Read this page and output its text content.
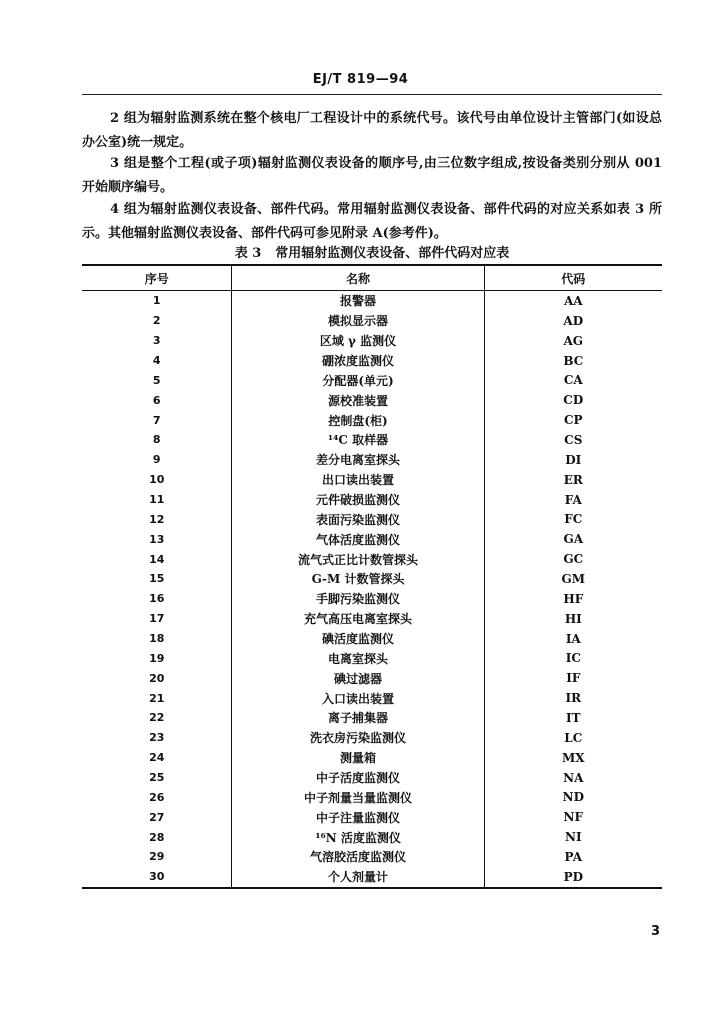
EJ/T 819—94

2 组为辐射监测系统在整个核电厂工程设计中的系统代号。该代号由单位设计主管部门(如设总办公室)统一规定。

3 组是整个工程(或子项)辐射监测仪表设备的顺序号,由三位数字组成,按设备类别分别从 001 开始顺序编号。

4 组为辐射监测仪表设备、部件代码。常用辐射监测仪表设备、部件代码的对应关系如表 3 所示。其他辐射监测仪表设备、部件代码可参见附录 A(参考件)。

表 3 常用辐射监测仪表设备、部件代码对应表
序号	名称	代码
1	报警器	AA
2	模拟显示器	AD
3	区域 γ 监测仪	AG
4	硼浓度监测仪	BC
5	分配器(单元)	CA
6	源校准装置	CD
7	控制盘(柜)	CP
8	¹⁴C 取样器	CS
9	差分电离室探头	DI
10	出口读出装置	ER
11	元件破损监测仪	FA
12	表面污染监测仪	FC
13	气体活度监测仪	GA
14	流气式正比计数管探头	GC
15	G-M 计数管探头	GM
16	手脚污染监测仪	HF
17	充气高压电离室探头	HI
18	碘活度监测仪	IA
19	电离室探头	IC
20	碘过滤器	IF
21	入口读出装置	IR
22	离子捕集器	IT
23	洗衣房污染监测仪	LC
24	测量箱	MX
25	中子活度监测仪	NA
26	中子剂量当量监测仪	ND
27	中子注量监测仪	NF
28	¹⁶N 活度监测仪	NI
29	气溶胶活度监测仪	PA
30	个人剂量计	PD
3
